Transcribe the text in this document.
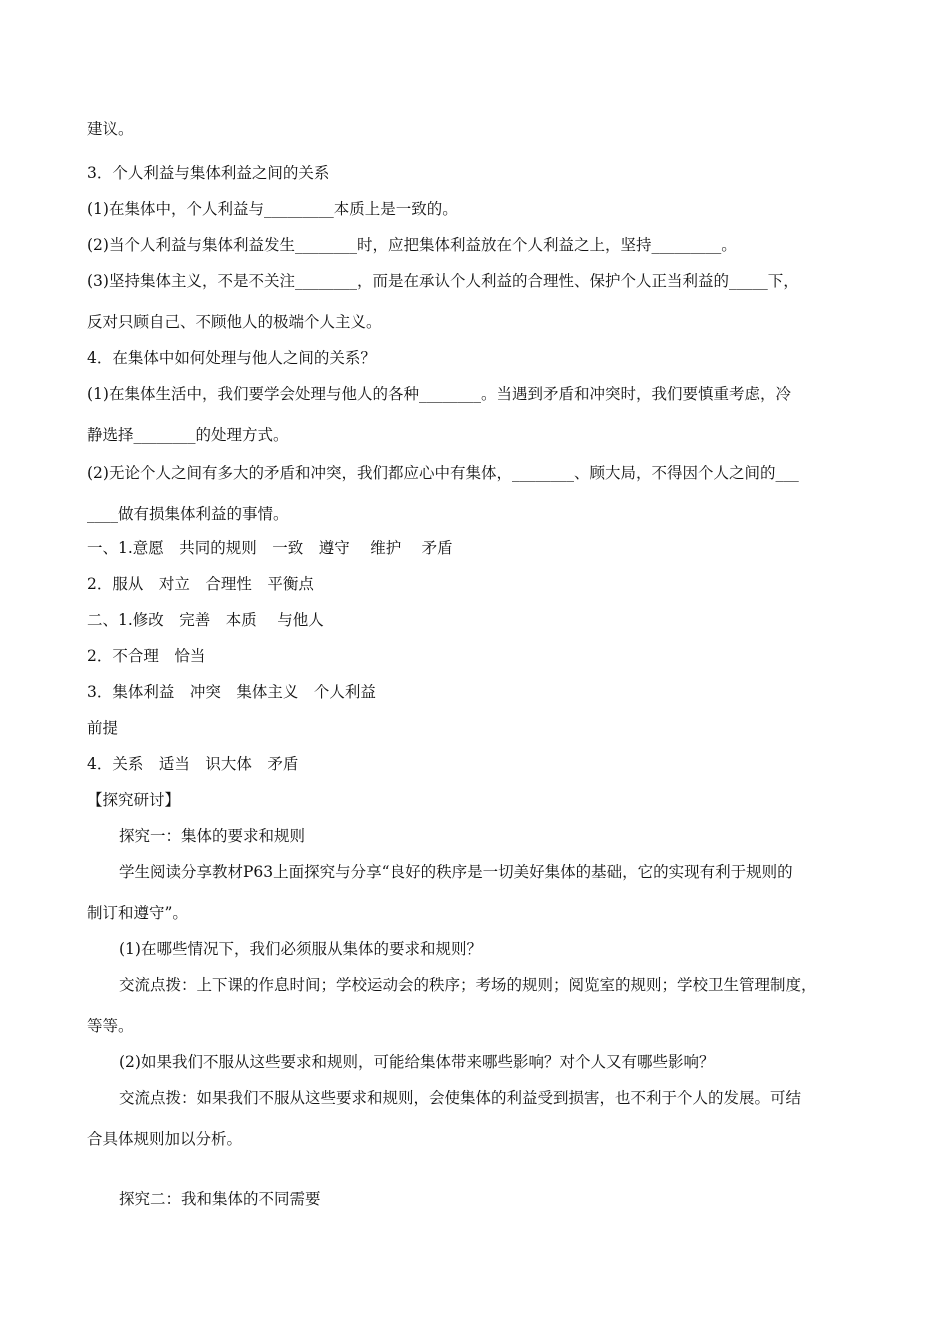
建议。

3．个人利益与集体利益之间的关系

(1)在集体中，个人利益与_________本质上是一致的。

(2)当个人利益与集体利益发生________时，应把集体利益放在个人利益之上，坚持_________。

(3)坚持集体主义，不是不关注________，而是在承认个人利益的合理性、保护个人正当利益的_____下，

反对只顾自己、不顾他人的极端个人主义。

4．在集体中如何处理与他人之间的关系？

(1)在集体生活中，我们要学会处理与他人的各种________。当遇到矛盾和冲突时，我们要慎重考虑，冷

静选择________的处理方式。

(2)无论个人之间有多大的矛盾和冲突，我们都应心中有集体，________、顾大局，不得因个人之间的___

____做有损集体利益的事情。

一、1.意愿　共同的规则　一致　遵守　 维护　 矛盾

2．服从　对立　合理性　平衡点

二、1.修改　完善　本质　 与他人

2．不合理　恰当

3．集体利益　冲突　集体主义　个人利益

前提

4．关系　适当　识大体　矛盾

【探究研讨】

探究一：集体的要求和规则

学生阅读分享教材P63上面探究与分享“良好的秩序是一切美好集体的基础，它的实现有利于规则的

制订和遵守”。

(1)在哪些情况下，我们必须服从集体的要求和规则？

交流点拨：上下课的作息时间；学校运动会的秩序；考场的规则；阅览室的规则；学校卫生管理制度，

等等。

(2)如果我们不服从这些要求和规则，可能给集体带来哪些影响？对个人又有哪些影响？

交流点拨：如果我们不服从这些要求和规则，会使集体的利益受到损害，也不利于个人的发展。可结

合具体规则加以分析。

探究二：我和集体的不同需要
